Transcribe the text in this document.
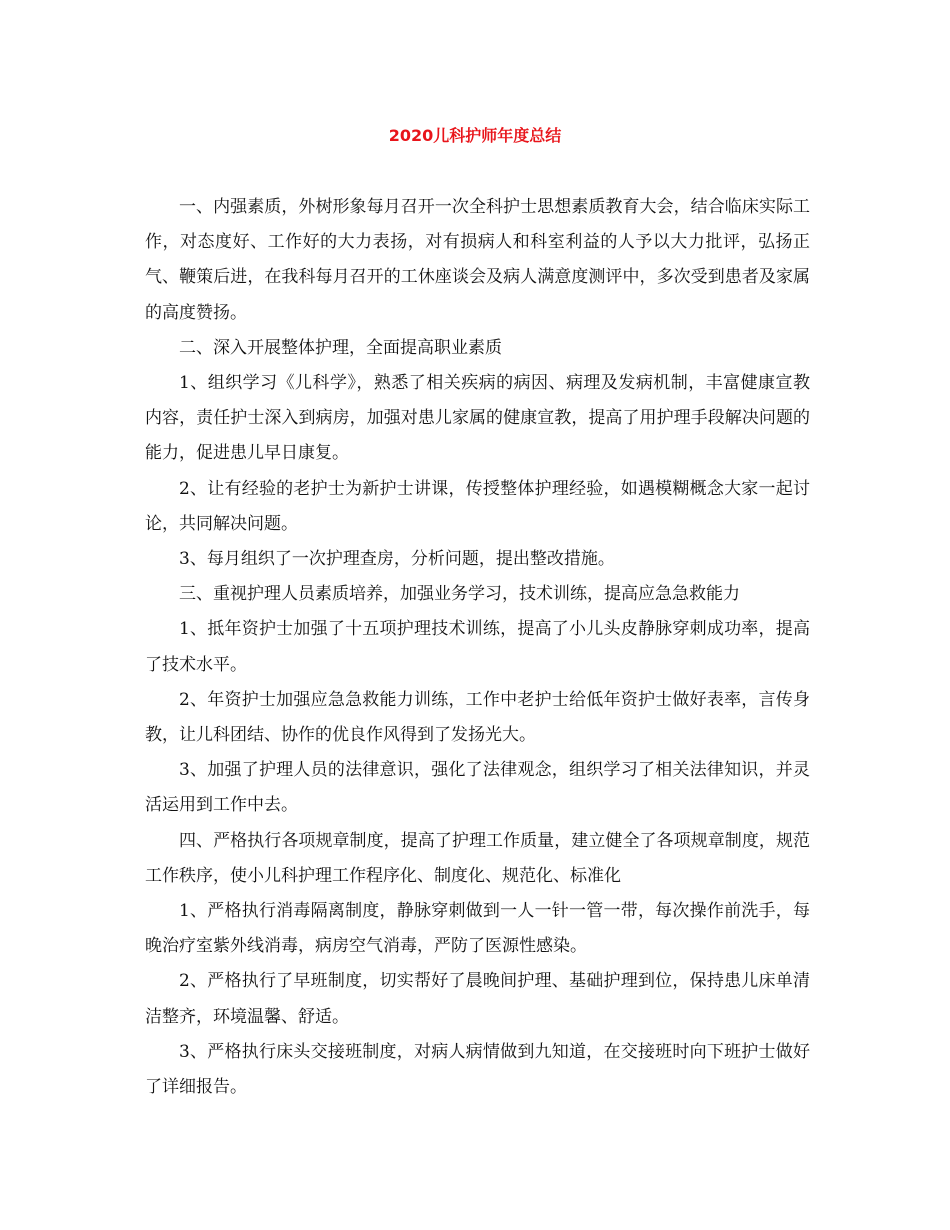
2020儿科护师年度总结

一、内强素质，外树形象每月召开一次全科护士思想素质教育大会，结合临床实际工作，对态度好、工作好的大力表扬，对有损病人和科室利益的人予以大力批评，弘扬正气、鞭策后进，在我科每月召开的工休座谈会及病人满意度测评中，多次受到患者及家属的高度赞扬。

二、深入开展整体护理，全面提高职业素质

1、组织学习《儿科学》，熟悉了相关疾病的病因、病理及发病机制，丰富健康宣教内容，责任护士深入到病房，加强对患儿家属的健康宣教，提高了用护理手段解决问题的能力，促进患儿早日康复。

2、让有经验的老护士为新护士讲课，传授整体护理经验，如遇模糊概念大家一起讨论，共同解决问题。

3、每月组织了一次护理查房，分析问题，提出整改措施。

三、重视护理人员素质培养，加强业务学习，技术训练，提高应急急救能力

1、抵年资护士加强了十五项护理技术训练，提高了小儿头皮静脉穿刺成功率，提高了技术水平。

2、年资护士加强应急急救能力训练，工作中老护士给低年资护士做好表率，言传身教，让儿科团结、协作的优良作风得到了发扬光大。

3、加强了护理人员的法律意识，强化了法律观念，组织学习了相关法律知识，并灵活运用到工作中去。

四、严格执行各项规章制度，提高了护理工作质量，建立健全了各项规章制度，规范工作秩序，使小儿科护理工作程序化、制度化、规范化、标准化

1、严格执行消毒隔离制度，静脉穿刺做到一人一针一管一带，每次操作前洗手，每晚治疗室紫外线消毒，病房空气消毒，严防了医源性感染。

2、严格执行了早班制度，切实帮好了晨晚间护理、基础护理到位，保持患儿床单清洁整齐，环境温馨、舒适。

3、严格执行床头交接班制度，对病人病情做到九知道，在交接班时向下班护士做好了详细报告。
